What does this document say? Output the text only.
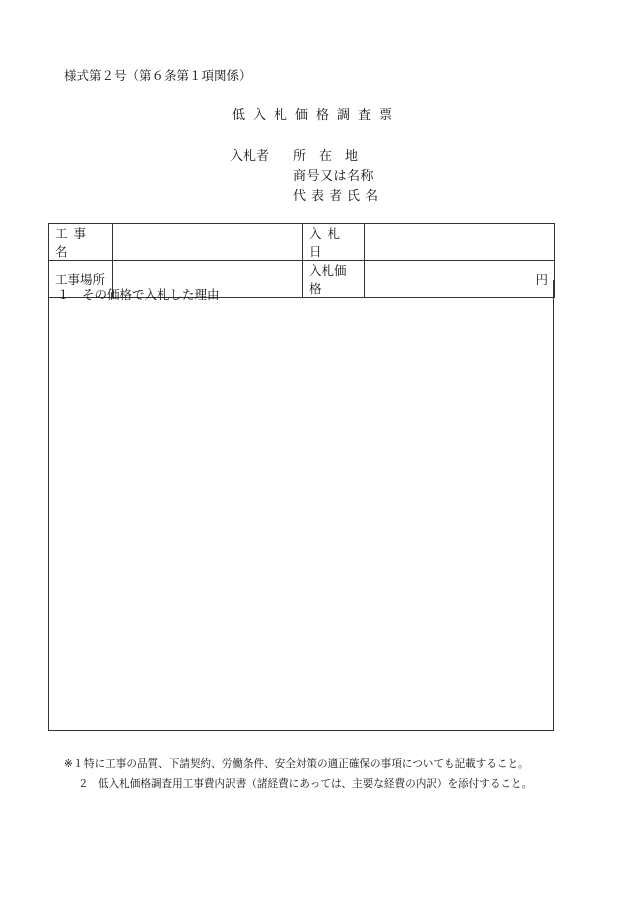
様式第２号（第６条第１項関係）
低入札価格調査票
入札者 所在地
商号又は名称
代表者氏名
工事名		入札日	
工事場所		入札価格	円
１　その価格で入札した理由
※１特に工事の品質、下請契約、労働条件、安全対策の適正確保の事項についても記載すること。
２ 低入札価格調査用工事費内訳書（諸経費にあっては、主要な経費の内訳）を添付すること。
